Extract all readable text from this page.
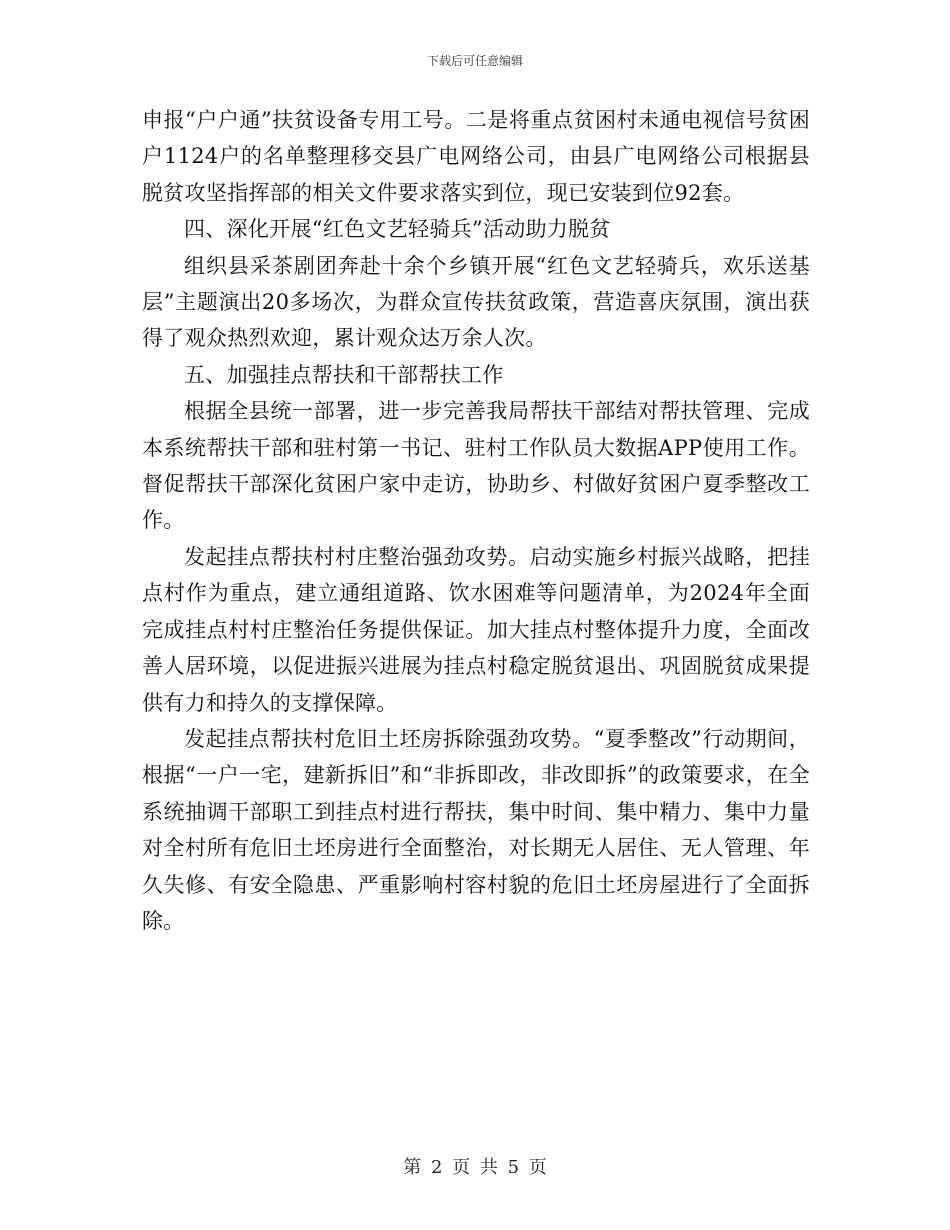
下载后可任意编辑

申报“户户通”扶贫设备专用工号。二是将重点贫困村未通电视信号贫困户1124户的名单整理移交县广电网络公司，由县广电网络公司根据县脱贫攻坚指挥部的相关文件要求落实到位，现已安装到位92套。

四、深化开展“红色文艺轻骑兵”活动助力脱贫

组织县采茶剧团奔赴十余个乡镇开展“红色文艺轻骑兵，欢乐送基层”主题演出20多场次，为群众宣传扶贫政策，营造喜庆氛围，演出获得了观众热烈欢迎，累计观众达万余人次。

五、加强挂点帮扶和干部帮扶工作

根据全县统一部署，进一步完善我局帮扶干部结对帮扶管理、完成本系统帮扶干部和驻村第一书记、驻村工作队员大数据APP使用工作。督促帮扶干部深化贫困户家中走访，协助乡、村做好贫困户夏季整改工作。

发起挂点帮扶村村庄整治强劲攻势。启动实施乡村振兴战略，把挂点村作为重点，建立通组道路、饮水困难等问题清单，为2024年全面完成挂点村村庄整治任务提供保证。加大挂点村整体提升力度，全面改善人居环境，以促进振兴进展为挂点村稳定脱贫退出、巩固脱贫成果提供有力和持久的支撑保障。

发起挂点帮扶村危旧土坯房拆除强劲攻势。“夏季整改”行动期间，根据“一户一宅，建新拆旧”和“非拆即改，非改即拆”的政策要求，在全系统抽调干部职工到挂点村进行帮扶，集中时间、集中精力、集中力量对全村所有危旧土坯房进行全面整治，对长期无人居住、无人管理、年久失修、有安全隐患、严重影响村容村貌的危旧土坯房屋进行了全面拆除。

第 2 页 共 5 页
